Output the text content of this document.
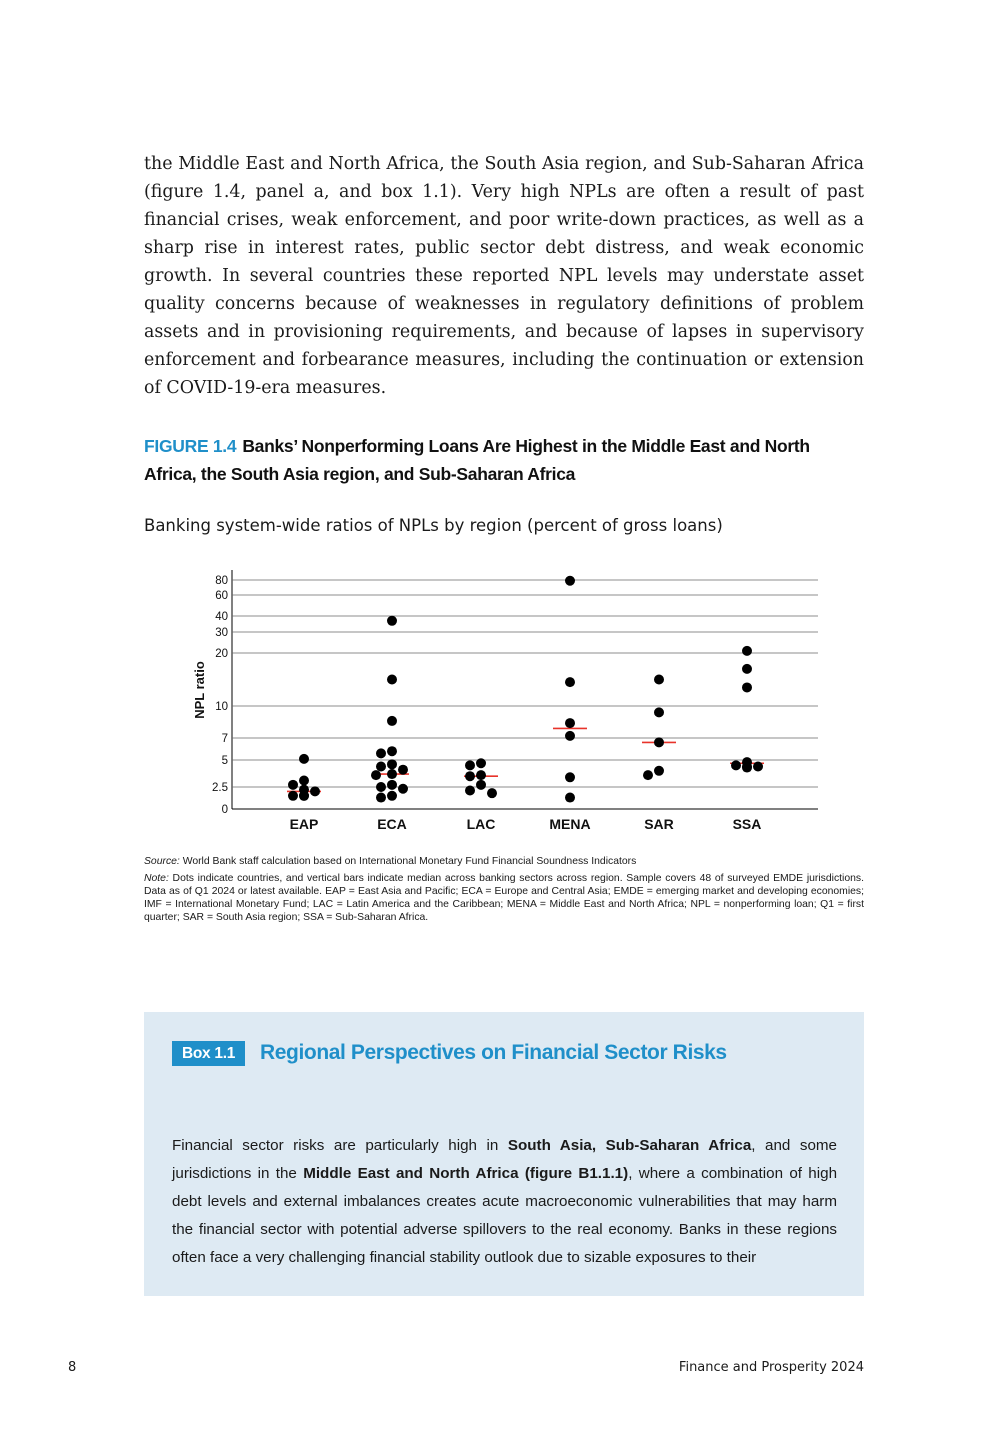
the Middle East and North Africa, the South Asia region, and Sub-Saharan Africa (figure 1.4, panel a, and box 1.1). Very high NPLs are often a result of past financial crises, weak enforcement, and poor write-down practices, as well as a sharp rise in interest rates, public sector debt distress, and weak economic growth. In several countries these reported NPL levels may understate asset quality concerns because of weaknesses in regulatory definitions of problem assets and in provisioning requirements, and because of lapses in supervisory enforcement and forbearance measures, including the continuation or extension of COVID-19-era measures.

FIGURE 1.4 Banks’ Nonperforming Loans Are Highest in the Middle East and North Africa, the South Asia region, and Sub-Saharan Africa

Banking system-wide ratios of NPLs by region (percent of gross loans)

0
2.5
5
7
10
20
30
40
60
80
EAP	ECA	LAC	MENA	SAR	SSA
NPL ratio

Source: World Bank staff calculation based on International Monetary Fund Financial Soundness Indicators

Note: Dots indicate countries, and vertical bars indicate median across banking sectors across region. Sample covers 48 of surveyed EMDE jurisdictions. Data as of Q1 2024 or latest available. EAP = East Asia and Pacific; ECA = Europe and Central Asia; EMDE = emerging market and developing economies; IMF = International Monetary Fund; LAC = Latin America and the Caribbean; MENA = Middle East and North Africa; NPL = nonperforming loan; Q1 = first quarter; SAR = South Asia region; SSA = Sub-Saharan Africa.

Box 1.1	Regional Perspectives on Financial Sector Risks

Financial sector risks are particularly high in South Asia, Sub-Saharan Africa, and some jurisdictions in the Middle East and North Africa (figure B1.1.1), where a combination of high debt levels and external imbalances creates acute macroeconomic vulnerabilities that may harm the financial sector with potential adverse spillovers to the real economy. Banks in these regions often face a very challenging financial stability outlook due to sizable exposures to their

8	Finance and Prosperity 2024
